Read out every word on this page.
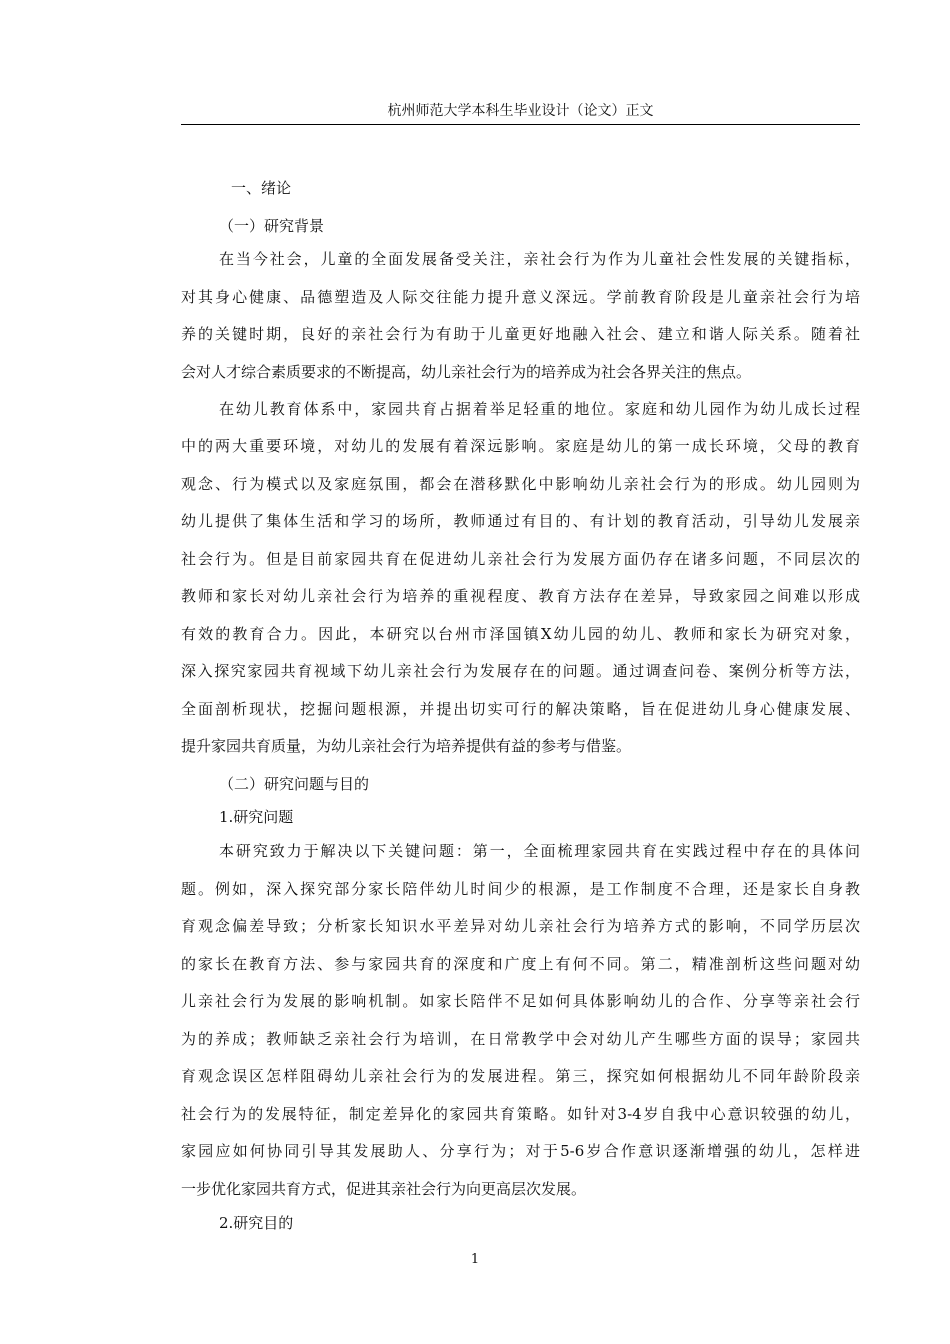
杭州师范大学本科生毕业设计（论文）正文
一、绪论
（一）研究背景
在当今社会，儿童的全面发展备受关注，亲社会行为作为儿童社会性发展的关键指标，
对其身心健康、品德塑造及人际交往能力提升意义深远。学前教育阶段是儿童亲社会行为培
养的关键时期，良好的亲社会行为有助于儿童更好地融入社会、建立和谐人际关系。随着社
会对人才综合素质要求的不断提高，幼儿亲社会行为的培养成为社会各界关注的焦点。
在幼儿教育体系中，家园共育占据着举足轻重的地位。家庭和幼儿园作为幼儿成长过程
中的两大重要环境，对幼儿的发展有着深远影响。家庭是幼儿的第一成长环境，父母的教育
观念、行为模式以及家庭氛围，都会在潜移默化中影响幼儿亲社会行为的形成。幼儿园则为
幼儿提供了集体生活和学习的场所，教师通过有目的、有计划的教育活动，引导幼儿发展亲
社会行为。但是目前家园共育在促进幼儿亲社会行为发展方面仍存在诸多问题，不同层次的
教师和家长对幼儿亲社会行为培养的重视程度、教育方法存在差异，导致家园之间难以形成
有效的教育合力。因此，本研究以台州市泽国镇X幼儿园的幼儿、教师和家长为研究对象，
深入探究家园共育视域下幼儿亲社会行为发展存在的问题。通过调查问卷、案例分析等方法，
全面剖析现状，挖掘问题根源，并提出切实可行的解决策略，旨在促进幼儿身心健康发展、
提升家园共育质量，为幼儿亲社会行为培养提供有益的参考与借鉴。
（二）研究问题与目的
1.研究问题
本研究致力于解决以下关键问题：第一，全面梳理家园共育在实践过程中存在的具体问
题。例如，深入探究部分家长陪伴幼儿时间少的根源，是工作制度不合理，还是家长自身教
育观念偏差导致；分析家长知识水平差异对幼儿亲社会行为培养方式的影响，不同学历层次
的家长在教育方法、参与家园共育的深度和广度上有何不同。第二，精准剖析这些问题对幼
儿亲社会行为发展的影响机制。如家长陪伴不足如何具体影响幼儿的合作、分享等亲社会行
为的养成；教师缺乏亲社会行为培训，在日常教学中会对幼儿产生哪些方面的误导；家园共
育观念误区怎样阻碍幼儿亲社会行为的发展进程。第三，探究如何根据幼儿不同年龄阶段亲
社会行为的发展特征，制定差异化的家园共育策略。如针对3-4岁自我中心意识较强的幼儿，
家园应如何协同引导其发展助人、分享行为；对于5-6岁合作意识逐渐增强的幼儿，怎样进
一步优化家园共育方式，促进其亲社会行为向更高层次发展。
2.研究目的
1
